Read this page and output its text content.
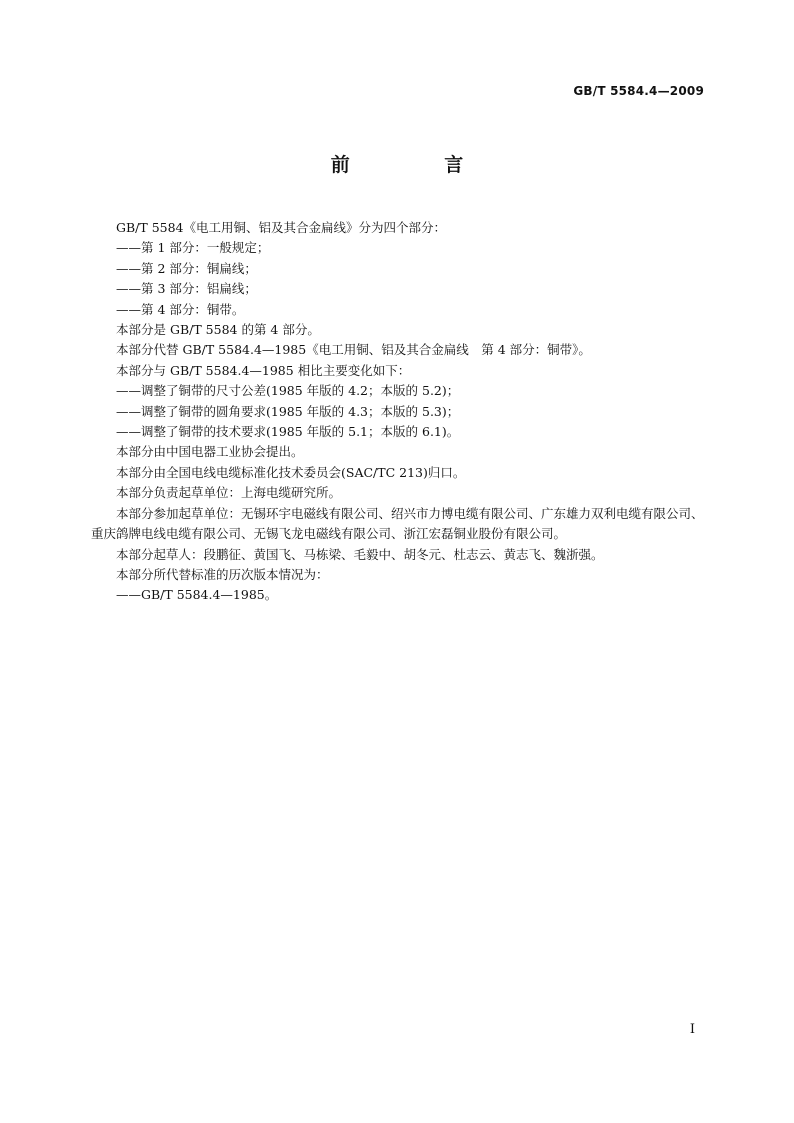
GB/T 5584.4—2009
前 言

GB/T 5584《电工用铜、铝及其合金扁线》分为四个部分：

——第 1 部分：一般规定；

——第 2 部分：铜扁线；

——第 3 部分：铝扁线；

——第 4 部分：铜带。

本部分是 GB/T 5584 的第 4 部分。

本部分代替 GB/T 5584.4—1985《电工用铜、铝及其合金扁线　第 4 部分：铜带》。

本部分与 GB/T 5584.4—1985 相比主要变化如下：

——调整了铜带的尺寸公差(1985 年版的 4.2；本版的 5.2)；

——调整了铜带的圆角要求(1985 年版的 4.3；本版的 5.3)；

——调整了铜带的技术要求(1985 年版的 5.1；本版的 6.1)。

本部分由中国电器工业协会提出。

本部分由全国电线电缆标准化技术委员会(SAC/TC 213)归口。

本部分负责起草单位：上海电缆研究所。

本部分参加起草单位：无锡环宇电磁线有限公司、绍兴市力博电缆有限公司、广东雄力双利电缆有限公司、重庆鸽牌电线电缆有限公司、无锡飞龙电磁线有限公司、浙江宏磊铜业股份有限公司。

本部分起草人：段鹏征、黄国飞、马栋梁、毛毅中、胡冬元、杜志云、黄志飞、魏浙强。

本部分所代替标准的历次版本情况为：

——GB/T 5584.4—1985。

I
